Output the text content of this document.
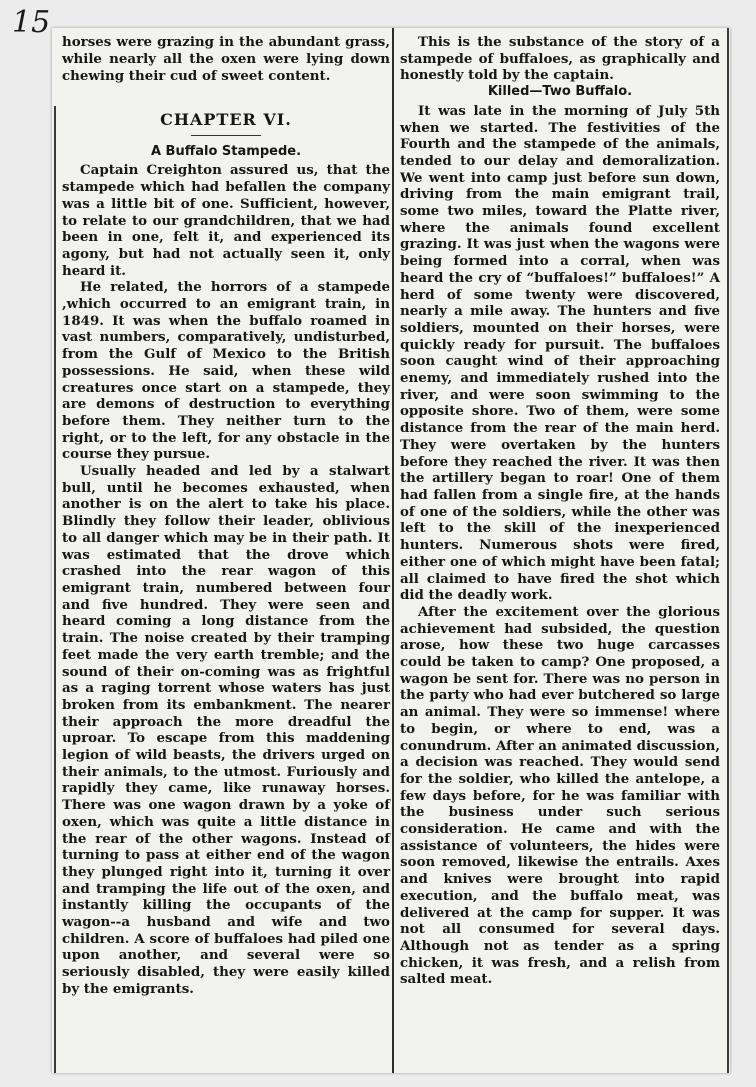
15

horses were grazing in the abundant grass, while nearly all the oxen were lying down chewing their cud of sweet content.

CHAPTER VI.
A Buffalo Stampede.

Captain Creighton assured us, that the stampede which had befallen the company was a little bit of one. Sufficient, however, to relate to our grandchildren, that we had been in one, felt it, and experienced its agony, but had not actually seen it, only heard it.

He related, the horrors of a stampede ,which occurred to an emigrant train, in 1849. It was when the buffalo roamed in vast numbers, comparatively, undisturbed, from the Gulf of Mexico to the British possessions. He said, when these wild creatures once start on a stampede, they are demons of destruction to everything before them. They neither turn to the right, or to the left, for any obstacle in the course they pursue.

Usually headed and led by a stalwart bull, until he becomes exhausted, when another is on the alert to take his place. Blindly they follow their leader, oblivious to all danger which may be in their path. It was estimated that the drove which crashed into the rear wagon of this emigrant train, numbered between four and five hundred. They were seen and heard coming a long distance from the train. The noise created by their tramping feet made the very earth tremble; and the sound of their on-coming was as frightful as a raging torrent whose waters has just broken from its embankment. The nearer their approach the more dreadful the uproar. To escape from this maddening legion of wild beasts, the drivers urged on their animals, to the utmost. Furiously and rapidly they came, like runaway horses. There was one wagon drawn by a yoke of oxen, which was quite a little distance in the rear of the other wagons. Instead of turning to pass at either end of the wagon they plunged right into it, turning it over and tramping the life out of the oxen, and instantly killing the occupants of the wagon--a husband and wife and two children. A score of buffaloes had piled one upon another, and several were so seriously disabled, they were easily killed by the emigrants.

This is the substance of the story of a stampede of buffaloes, as graphically and honestly told by the captain.

Killed—Two Buffalo.

It was late in the morning of July 5th when we started. The festivities of the Fourth and the stampede of the animals, tended to our delay and demoralization. We went into camp just before sun down, driving from the main emigrant trail, some two miles, toward the Platte river, where the animals found excellent grazing. It was just when the wagons were being formed into a corral, when was heard the cry of “buffaloes!” buffaloes!” A herd of some twenty were discovered, nearly a mile away. The hunters and five soldiers, mounted on their horses, were quickly ready for pursuit. The buffaloes soon caught wind of their approaching enemy, and immediately rushed into the river, and were soon swimming to the opposite shore. Two of them, were some distance from the rear of the main herd. They were overtaken by the hunters before they reached the river. It was then the artillery began to roar! One of them had fallen from a single fire, at the hands of one of the soldiers, while the other was left to the skill of the inexperienced hunters. Numerous shots were fired, either one of which might have been fatal; all claimed to have fired the shot which did the deadly work.

After the excitement over the glorious achievement had subsided, the question arose, how these two huge carcasses could be taken to camp? One proposed, a wagon be sent for. There was no person in the party who had ever butchered so large an animal. They were so immense! where to begin, or where to end, was a conundrum. After an animated discussion, a decision was reached. They would send for the soldier, who killed the antelope, a few days before, for he was familiar with the business under such serious consideration. He came and with the assistance of volunteers, the hides were soon removed, likewise the entrails. Axes and knives were brought into rapid execution, and the buffalo meat, was delivered at the camp for supper. It was not all consumed for several days. Although not as tender as a spring chicken, it was fresh, and a relish from salted meat.
